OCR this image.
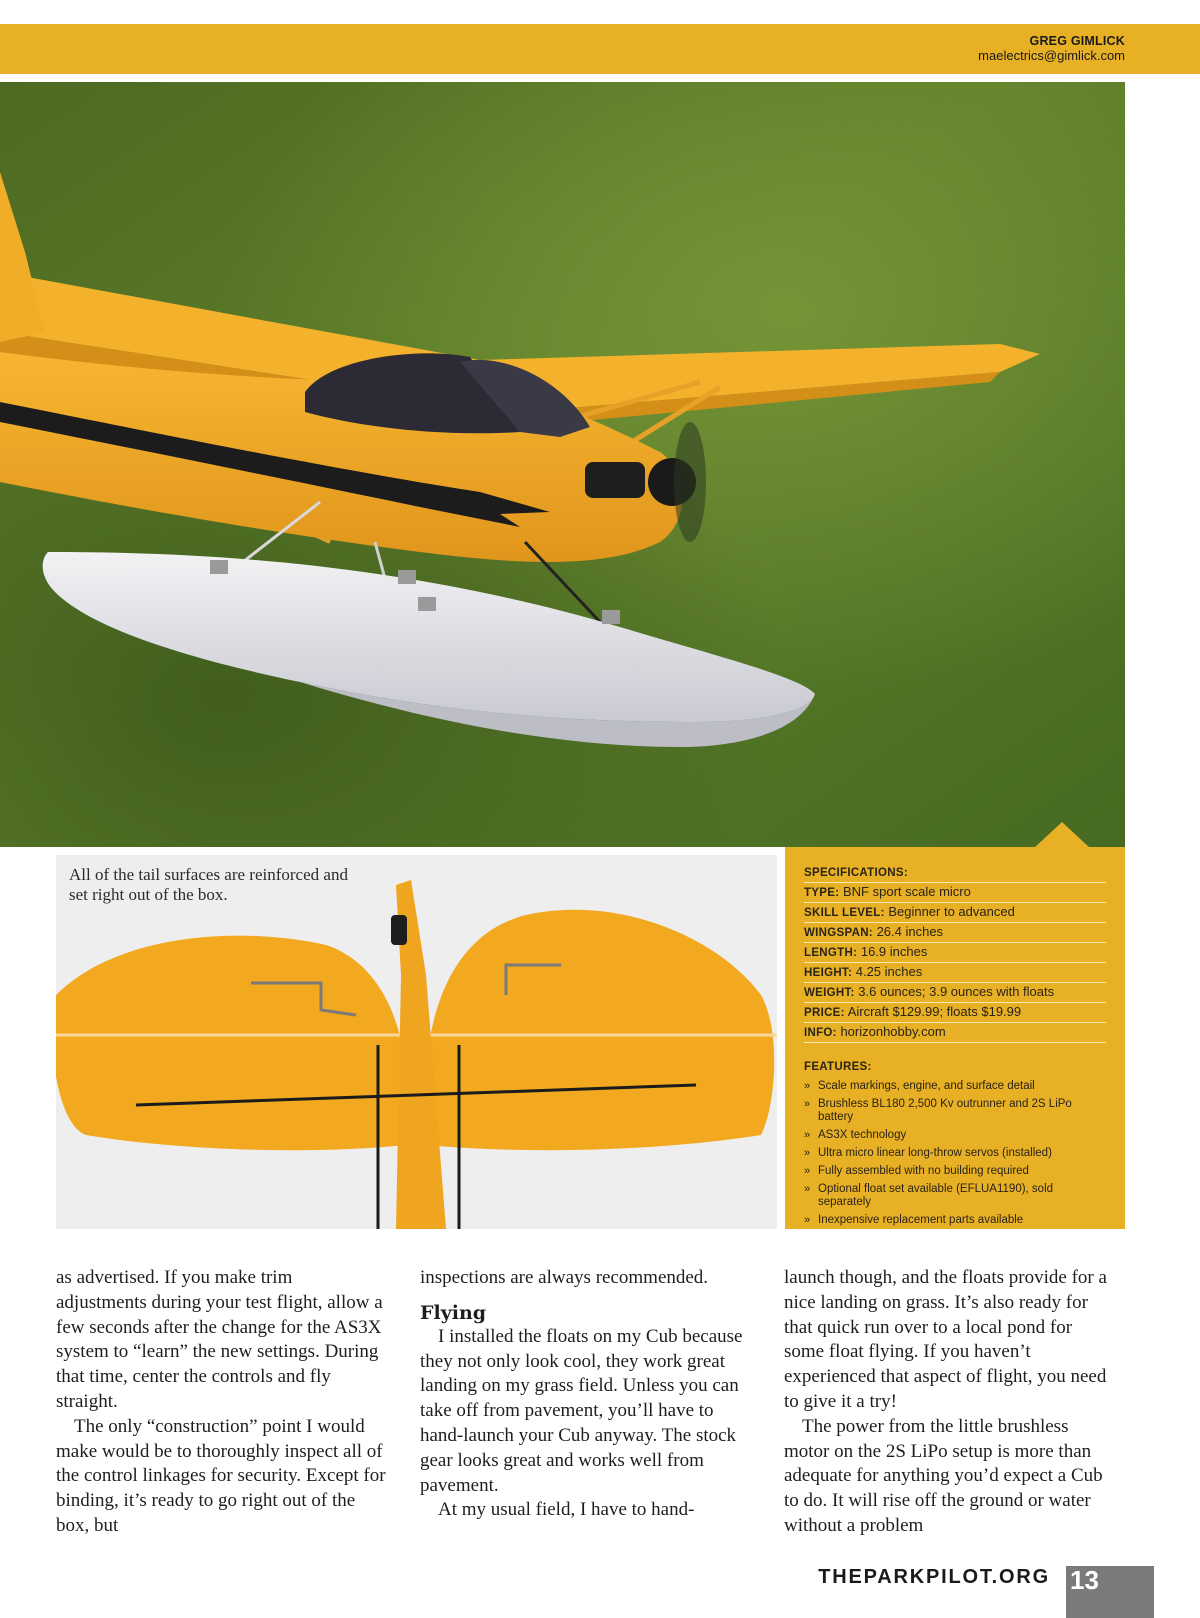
GREG GIMLICK
maelectrics@gimlick.com
All of the tail surfaces are reinforced and set right out of the box.
SPECIFICATIONS:
TYPE: BNF sport scale micro
SKILL LEVEL: Beginner to advanced
WINGSPAN: 26.4 inches
LENGTH: 16.9 inches
HEIGHT: 4.25 inches
WEIGHT: 3.6 ounces; 3.9 ounces with floats
PRICE: Aircraft $129.99; floats $19.99
INFO: horizonhobby.com
FEATURES:
» Scale markings, engine, and surface detail
» Brushless BL180 2,500 Kv outrunner and 2S LiPo battery
» AS3X technology
» Ultra micro linear long-throw servos (installed)
» Fully assembled with no building required
» Optional float set available (EFLUA1190), sold separately
» Inexpensive replacement parts available

as advertised. If you make trim adjustments during your test flight, allow a few seconds after the change for the AS3X system to “learn” the new settings. During that time, center the controls and fly straight.

The only “construction” point I would make would be to thoroughly inspect all of the control linkages for security. Except for binding, it’s ready to go right out of the box, but

inspections are always recommended.

Flying

I installed the floats on my Cub because they not only look cool, they work great landing on my grass field. Unless you can take off from pavement, you’ll have to hand-launch your Cub anyway. The stock gear looks great and works well from pavement.

At my usual field, I have to hand-

launch though, and the floats provide for a nice landing on grass. It’s also ready for that quick run over to a local pond for some float flying. If you haven’t experienced that aspect of flight, you need to give it a try!

The power from the little brushless motor on the 2S LiPo setup is more than adequate for anything you’d expect a Cub to do. It will rise off the ground or water without a problem

THEPARKPILOT.ORG 13
